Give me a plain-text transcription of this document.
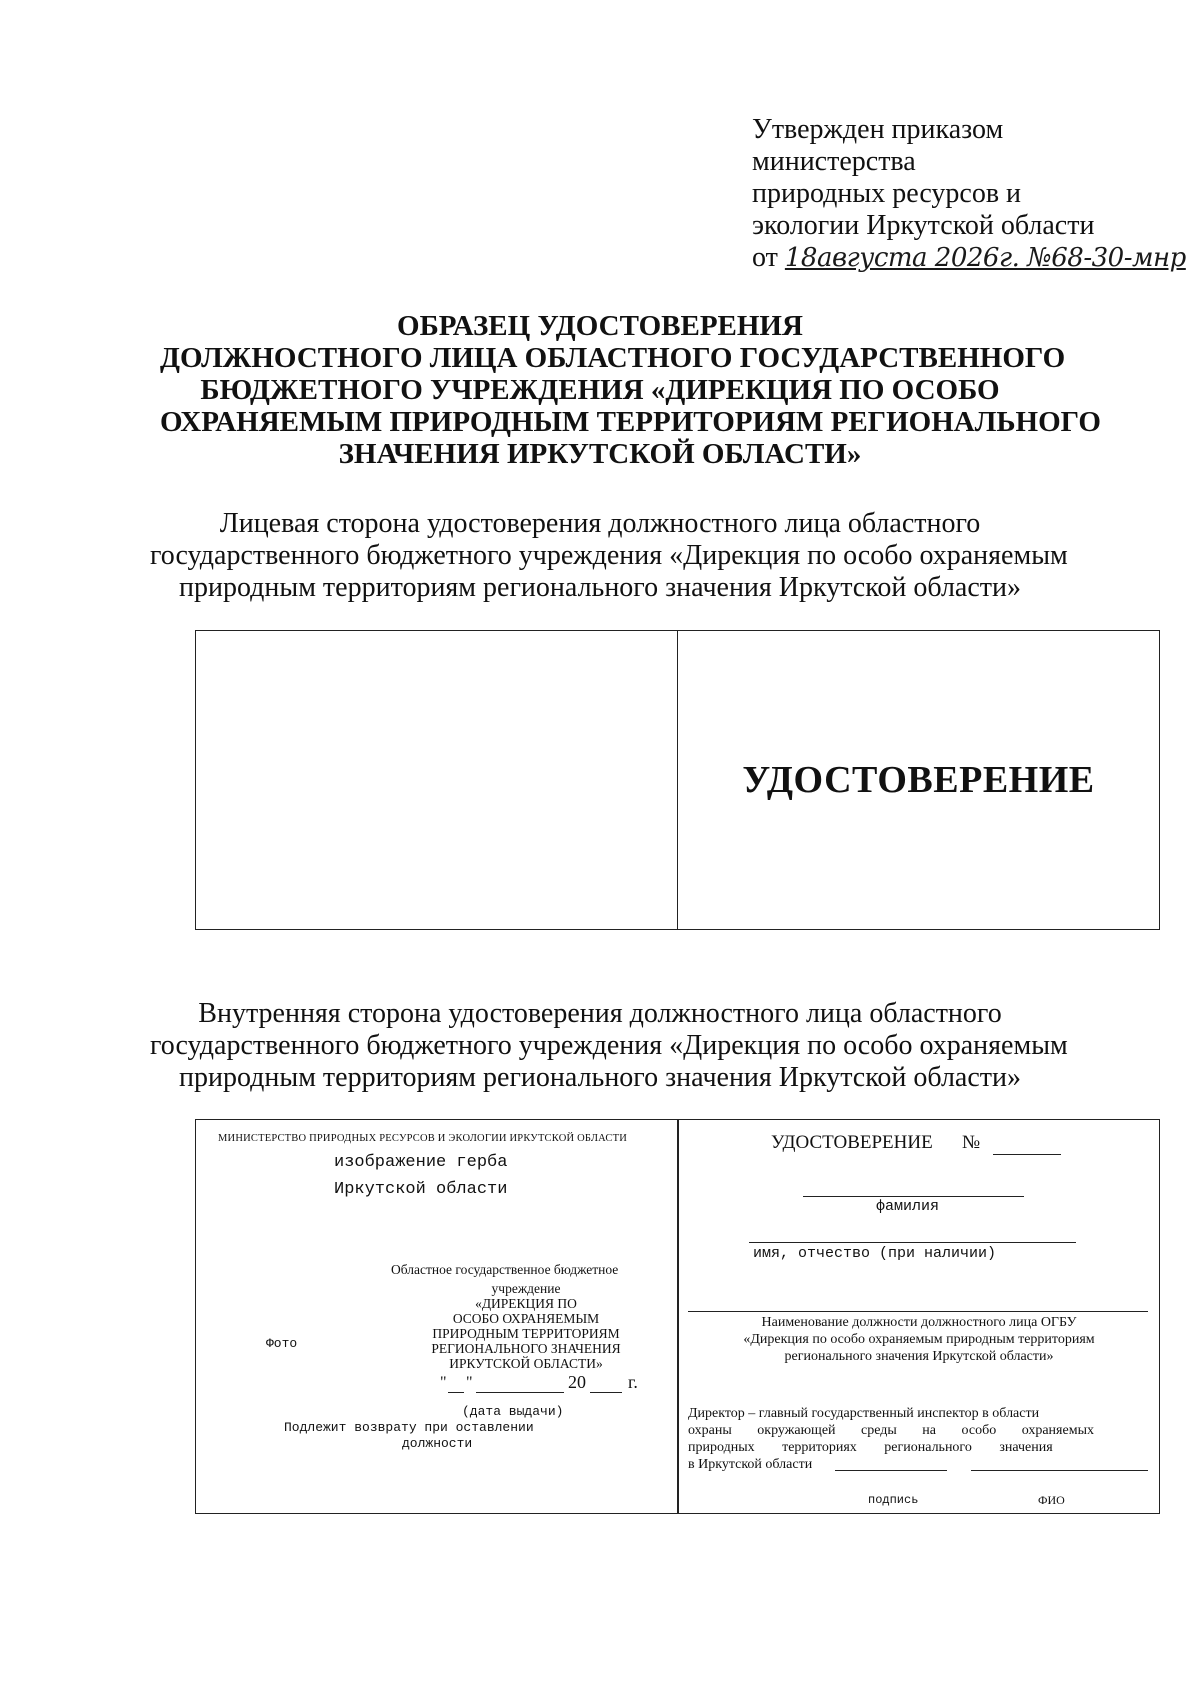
Утвержден приказом
министерства
природных ресурсов и
экологии Иркутской области
от 18августа 2026г. №68-30-мнр
ОБРАЗЕЦ УДОСТОВЕРЕНИЯ
ДОЛЖНОСТНОГО ЛИЦА ОБЛАСТНОГО ГОСУДАРСТВЕННОГО
БЮДЖЕТНОГО УЧРЕЖДЕНИЯ «ДИРЕКЦИЯ ПО ОСОБО
ОХРАНЯЕМЫМ ПРИРОДНЫМ ТЕРРИТОРИЯМ РЕГИОНАЛЬНОГО
ЗНАЧЕНИЯ ИРКУТСКОЙ ОБЛАСТИ»
Лицевая сторона удостоверения должностного лица областного
государственного бюджетного учреждения «Дирекция по особо охраняемым
природным территориям регионального значения Иркутской области»
УДОСТОВЕРЕНИЕ
Внутренняя сторона удостоверения должностного лица областного
государственного бюджетного учреждения «Дирекция по особо охраняемым
природным территориям регионального значения Иркутской области»
МИНИСТЕРСТВО ПРИРОДНЫХ РЕСУРСОВ И ЭКОЛОГИИ ИРКУТСКОЙ ОБЛАСТИ
изображение герба
Иркутской области
Областное государственное бюджетное
учреждение
«ДИРЕКЦИЯ ПО
ОСОБО ОХРАНЯЕМЫМ
ПРИРОДНЫМ ТЕРРИТОРИЯМ
РЕГИОНАЛЬНОГО ЗНАЧЕНИЯ
ИРКУТСКОЙ ОБЛАСТИ»
Фото
" "	20 г.
(дата выдачи)
Подлежит возврату при оставлении
должности
УДОСТОВЕРЕНИЕ №
фамилия
имя, отчество (при наличии)
Наименование должности должностного лица ОГБУ
«Дирекция по особо охраняемым природным территориям
регионального значения Иркутской области»
Директор – главный государственный инспектор в области
охраны окружающей среды на особо охраняемых
природных территориях регионального значения
в Иркутской области
подпись	ФИО
